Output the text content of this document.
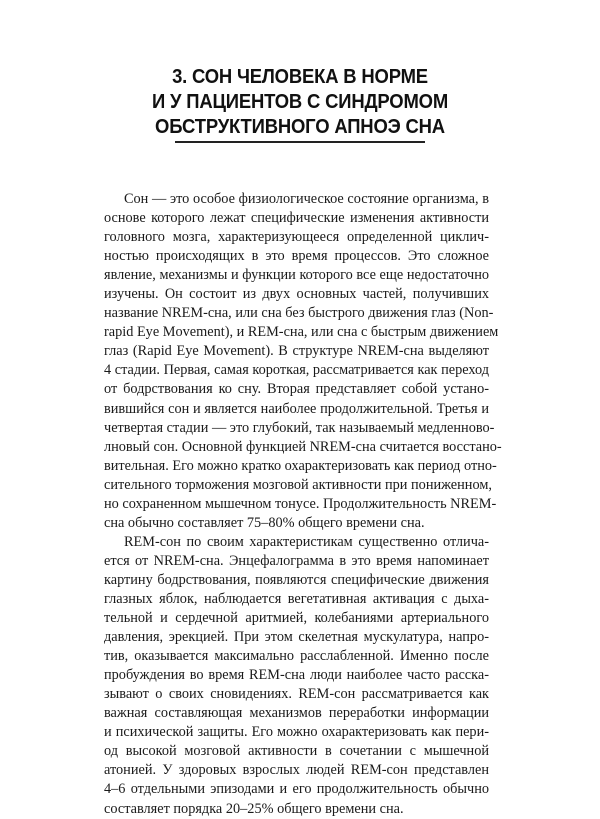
3. СОН ЧЕЛОВЕКА В НОРМЕ
И У ПАЦИЕНТОВ С СИНДРОМОМ
ОБСТРУКТИВНОГО АПНОЭ СНА
Сон — это особое физиологическое состояние организма, в
основе которого лежат специфические изменения активности
головного мозга, характеризующееся определенной циклич-
ностью происходящих в это время процессов. Это сложное
явление, механизмы и функции которого все еще недостаточно
изучены. Он состоит из двух основных частей, получивших
название NREM-сна, или сна без быстрого движения глаз (Non-
rapid Eye Movement), и REM-сна, или сна с быстрым движением
глаз (Rapid Eye Movement). В структуре NREM-сна выделяют
4 стадии. Первая, самая короткая, рассматривается как переход
от бодрствования ко сну. Вторая представляет собой устано-
вившийся сон и является наиболее продолжительной. Третья и
четвертая стадии — это глубокий, так называемый медленново-
лновый сон. Основной функцией NREM-сна считается восстано-
вительная. Его можно кратко охарактеризовать как период отно-
сительного торможения мозговой активности при пониженном,
но сохраненном мышечном тонусе. Продолжительность NREM-
сна обычно составляет 75–80% общего времени сна.
REM-сон по своим характеристикам существенно отлича-
ется от NREM-сна. Энцефалограмма в это время напоминает
картину бодрствования, появляются специфические движения
глазных яблок, наблюдается вегетативная активация с дыха-
тельной и сердечной аритмией, колебаниями артериального
давления, эрекцией. При этом скелетная мускулатура, напро-
тив, оказывается максимально расслабленной. Именно после
пробуждения во время REM-сна люди наиболее часто расска-
зывают о своих сновидениях. REM-сон рассматривается как
важная составляющая механизмов переработки информации
и психической защиты. Его можно охарактеризовать как пери-
од высокой мозговой активности в сочетании с мышечной
атонией. У здоровых взрослых людей REM-сон представлен
4–6 отдельными эпизодами и его продолжительность обычно
составляет порядка 20–25% общего времени сна.
